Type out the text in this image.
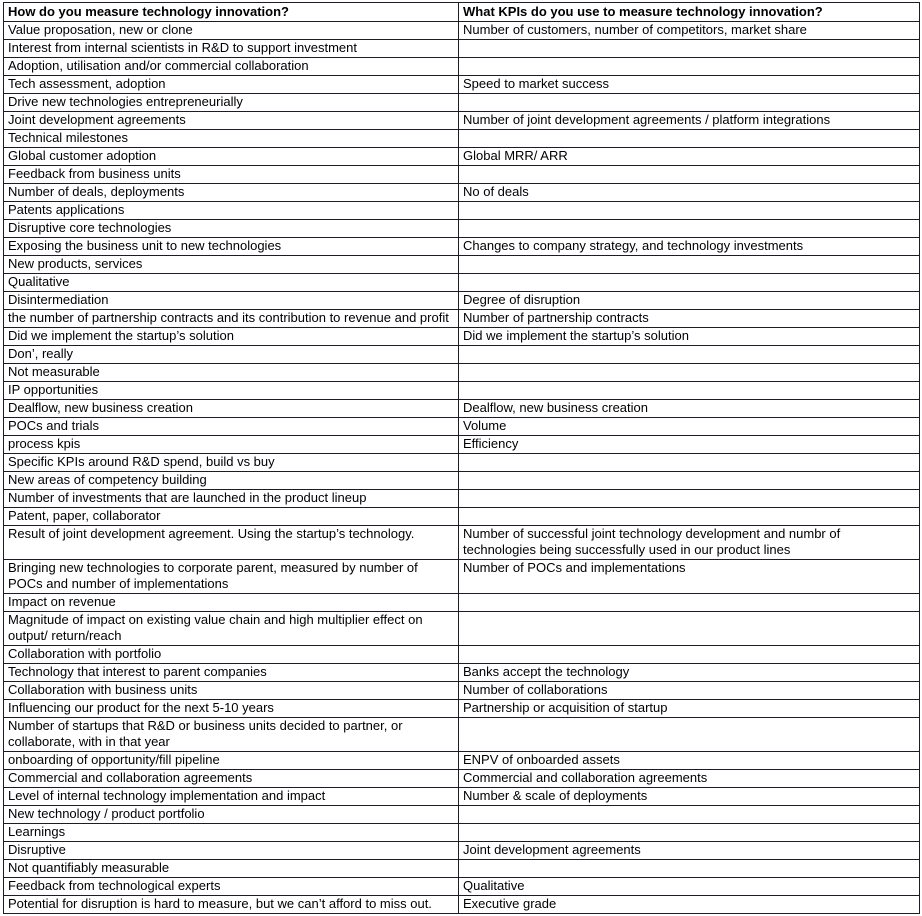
How do you measure technology innovation?	What KPIs do you use to measure technology innovation?
Value proposation, new or clone	Number of customers, number of competitors, market share
Interest from internal scientists in R&D to support investment	
Adoption, utilisation and/or commercial collaboration	
Tech assessment, adoption	Speed to market success
Drive new technologies entrepreneurially	
Joint development agreements	Number of joint development agreements / platform integrations
Technical milestones	
Global customer adoption	Global MRR/ ARR
Feedback from business units	
Number of deals, deployments	No of deals
Patents applications	
Disruptive core technologies	
Exposing the business unit to new technologies	Changes to company strategy, and technology investments
New products, services	
Qualitative	
Disintermediation	Degree of disruption
the number of partnership contracts and its contribution to revenue and profit	Number of partnership contracts
Did we implement the startup’s solution	Did we implement the startup’s solution
Don’, really	
Not measurable	
IP opportunities	
Dealflow, new business creation	Dealflow, new business creation
POCs and trials	Volume
process kpis	Efficiency
Specific KPIs around R&D spend, build vs buy	
New areas of competency building	
Number of investments that are launched in the product lineup	
Patent, paper, collaborator	
Result of joint development agreement. Using the startup’s technology.	Number of successful joint technology development and numbr of technologies being successfully used in our product lines
Bringing new technologies to corporate parent, measured by number of POCs and number of implementations	Number of POCs and implementations
Impact on revenue	
Magnitude of impact on existing value chain and high multiplier effect on output/ return/reach	
Collaboration with portfolio	
Technology that interest to parent companies	Banks accept the technology
Collaboration with business units	Number of collaborations
Influencing our product for the next 5-10 years	Partnership or acquisition of startup
Number of startups that R&D or business units decided to partner, or collaborate, with in that year	
onboarding of opportunity/fill pipeline	ENPV of onboarded assets
Commercial and collaboration agreements	Commercial and collaboration agreements
Level of internal technology implementation and impact	Number & scale of deployments
New technology / product portfolio	
Learnings	
Disruptive	Joint development agreements
Not quantifiably measurable	
Feedback from technological experts	Qualitative
Potential for disruption is hard to measure, but we can’t afford to miss out.	Executive grade
